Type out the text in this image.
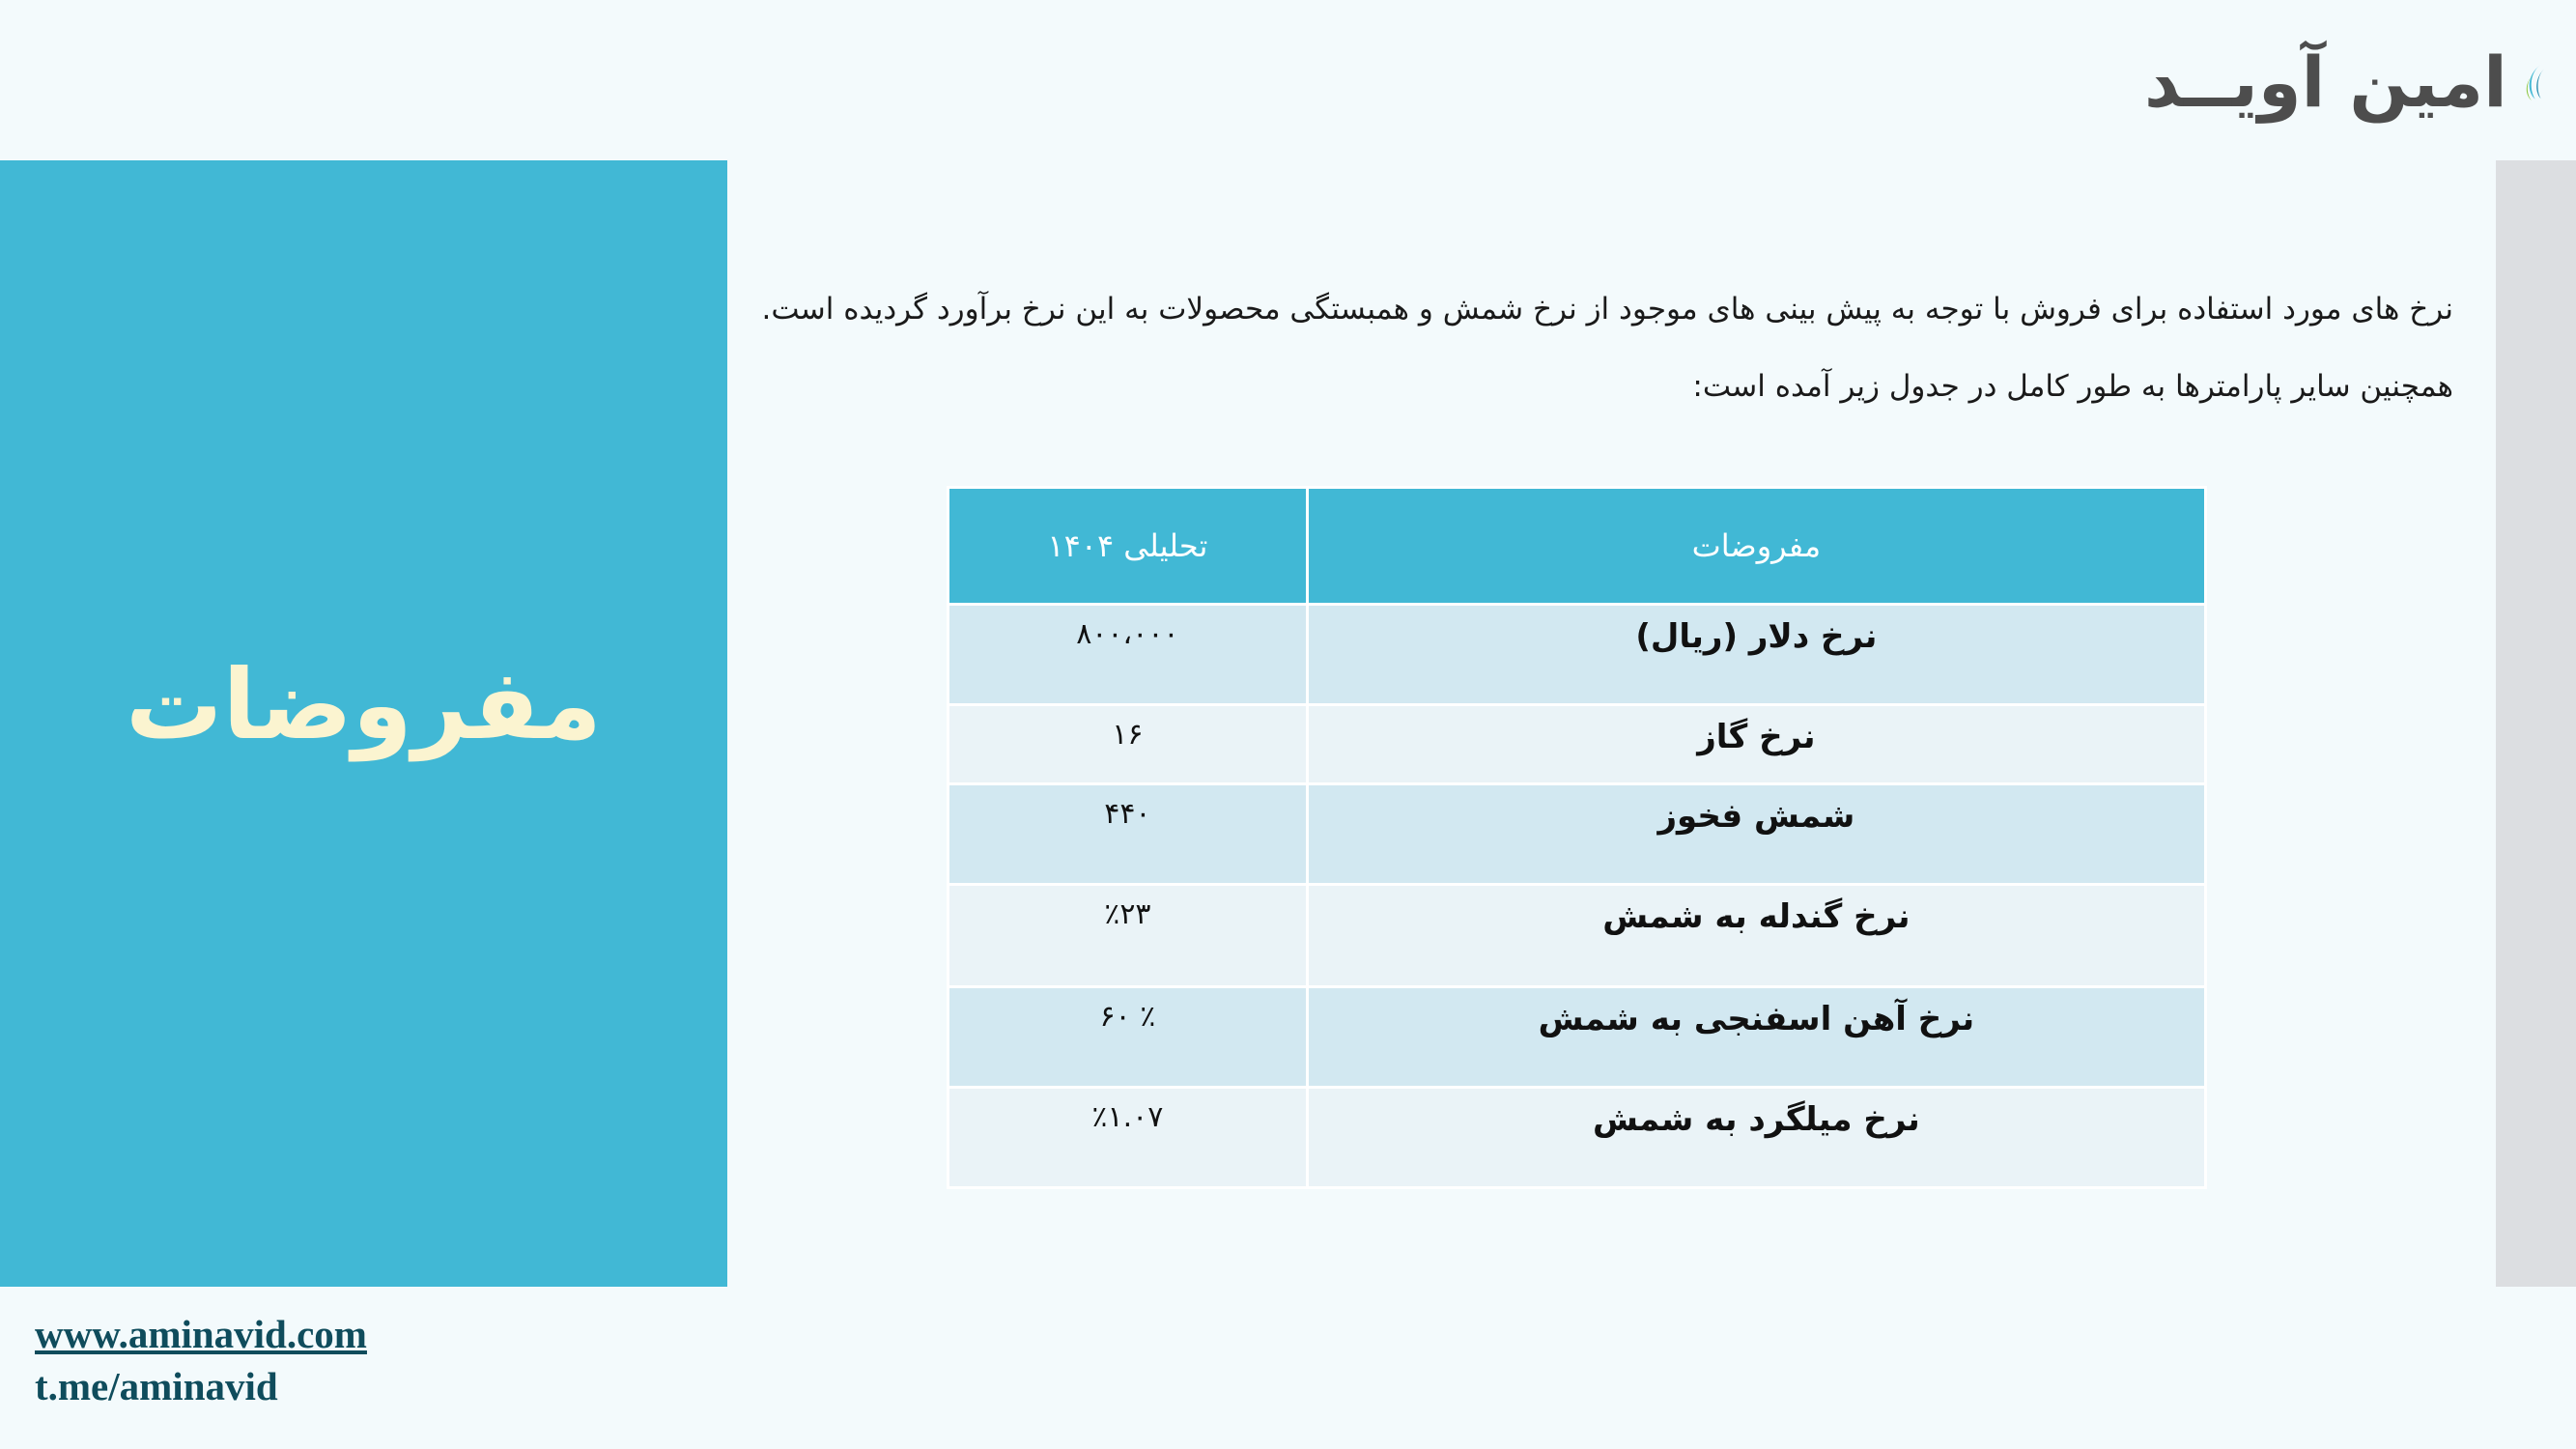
مفروضات
امین آویــد

نرخ های مورد استفاده برای فروش با توجه به پیش بینی های موجود از نرخ شمش و همبستگی محصولات به این نرخ برآورد گردیده است.

همچنین سایر پارامترها به طور کامل در جدول زیر آمده است:

مفروضات	تحلیلی ۱۴۰۴
نرخ دلار (ریال)	۸۰۰،۰۰۰
نرخ گاز	۱۶
شمش فخوز	۴۴۰
نرخ گندله به شمش	٪۲۳
نرخ آهن اسفنجی به شمش	٪ ۶۰
نرخ میلگرد به شمش	٪۱.۰۷
www.aminavid.com
t.me/aminavid
